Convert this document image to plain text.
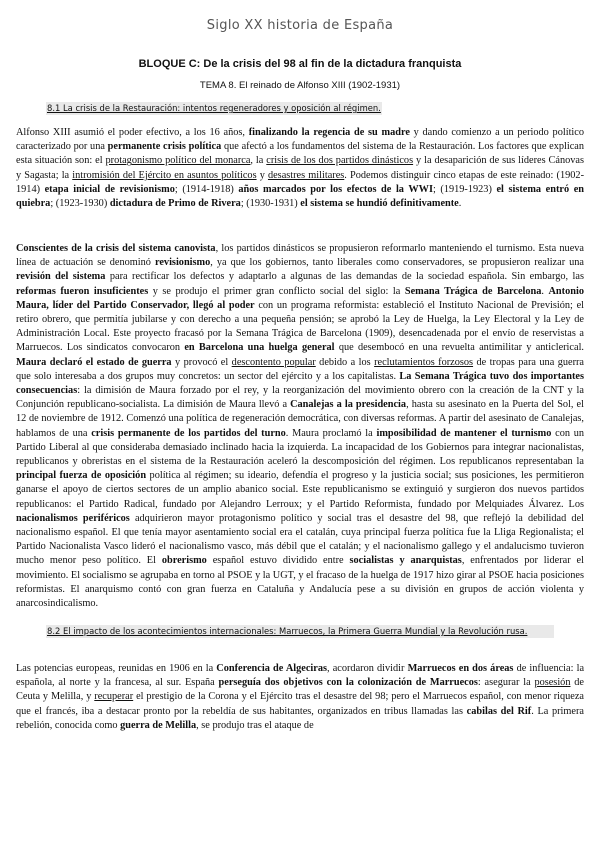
Siglo XX historia de España
BLOQUE C: De la crisis del 98 al fin de la dictadura franquista
TEMA 8. El reinado de Alfonso XIII (1902-1931)
8.1 La crisis de la Restauración: intentos regeneradores y oposición al régimen.

Alfonso XIII asumió el poder efectivo, a los 16 años, finalizando la regencia de su madre y dando comienzo a un periodo político caracterizado por una permanente crisis política que afectó a los fundamentos del sistema de la Restauración. Los factores que explican esta situación son: el protagonismo político del monarca, la crisis de los dos partidos dinásticos y la desaparición de sus líderes Cánovas y Sagasta; la intromisión del Ejército en asuntos políticos y desastres militares. Podemos distinguir cinco etapas de este reinado: (1902-1914) etapa inicial de revisionismo; (1914-1918) años marcados por los efectos de la WWI; (1919-1923) el sistema entró en quiebra; (1923-1930) dictadura de Primo de Rivera; (1930-1931) el sistema se hundió definitivamente.

Conscientes de la crisis del sistema canovista, los partidos dinásticos se propusieron reformarlo manteniendo el turnismo. Esta nueva línea de actuación se denominó revisionismo, ya que los gobiernos, tanto liberales como conservadores, se propusieron realizar una revisión del sistema para rectificar los defectos y adaptarlo a algunas de las demandas de la sociedad española. Sin embargo, las reformas fueron insuficientes y se produjo el primer gran conflicto social del siglo: la Semana Trágica de Barcelona. Antonio Maura, líder del Partido Conservador, llegó al poder con un programa reformista: estableció el Instituto Nacional de Previsión; el retiro obrero, que permitía jubilarse y con derecho a una pequeña pensión; se aprobó la Ley de Huelga, la Ley Electoral y la Ley de Administración Local. Este proyecto fracasó por la Semana Trágica de Barcelona (1909), desencadenada por el envío de reservistas a Marruecos. Los sindicatos convocaron en Barcelona una huelga general que desembocó en una revuelta antimilitar y anticlerical. Maura declaró el estado de guerra y provocó el descontento popular debido a los reclutamientos forzosos de tropas para una guerra que solo interesaba a dos grupos muy concretos: un sector del ejército y a los capitalistas. La Semana Trágica tuvo dos importantes consecuencias: la dimisión de Maura forzado por el rey, y la reorganización del movimiento obrero con la creación de la CNT y la Conjunción republicano-socialista. La dimisión de Maura llevó a Canalejas a la presidencia, hasta su asesinato en la Puerta del Sol, el 12 de noviembre de 1912. Comenzó una política de regeneración democrática, con diversas reformas. A partir del asesinato de Canalejas, hablamos de una crisis permanente de los partidos del turno. Maura proclamó la imposibilidad de mantener el turnismo con un Partido Liberal al que consideraba demasiado inclinado hacia la izquierda. La incapacidad de los Gobiernos para integrar nacionalistas, republicanos y obreristas en el sistema de la Restauración aceleró la descomposición del régimen. Los republicanos representaban la principal fuerza de oposición política al régimen; su ideario, defendía el progreso y la justicia social; sus posiciones, les permitieron ganarse el apoyo de ciertos sectores de un amplio abanico social. Este republicanismo se extinguió y surgieron dos nuevos partidos republicanos: el Partido Radical, fundado por Alejandro Lerroux; y el Partido Reformista, fundado por Melquiades Álvarez. Los nacionalismos periféricos adquirieron mayor protagonismo político y social tras el desastre del 98, que reflejó la debilidad del nacionalismo español. El que tenía mayor asentamiento social era el catalán, cuya principal fuerza política fue la Lliga Regionalista; el Partido Nacionalista Vasco lideró el nacionalismo vasco, más débil que el catalán; y el nacionalismo gallego y el andalucismo tuvieron mucho menor peso político. El obrerismo español estuvo dividido entre socialistas y anarquistas, enfrentados por liderar el movimiento. El socialismo se agrupaba en torno al PSOE y la UGT, y el fracaso de la huelga de 1917 hizo girar al PSOE hacia posiciones reformistas. El anarquismo contó con gran fuerza en Cataluña y Andalucía pese a su división en grupos de acción violenta y anarcosindicalismo.

8.2 El impacto de los acontecimientos internacionales: Marruecos, la Primera Guerra Mundial y la Revolución rusa.

Las potencias europeas, reunidas en 1906 en la Conferencia de Algeciras, acordaron dividir Marruecos en dos áreas de influencia: la española, al norte y la francesa, al sur. España perseguía dos objetivos con la colonización de Marruecos: asegurar la posesión de Ceuta y Melilla, y recuperar el prestigio de la Corona y el Ejército tras el desastre del 98; pero el Marruecos español, con menor riqueza que el francés, iba a destacar pronto por la rebeldía de sus habitantes, organizados en tribus llamadas las cabilas del Rif. La primera rebelión, conocida como guerra de Melilla, se produjo tras el ataque de
